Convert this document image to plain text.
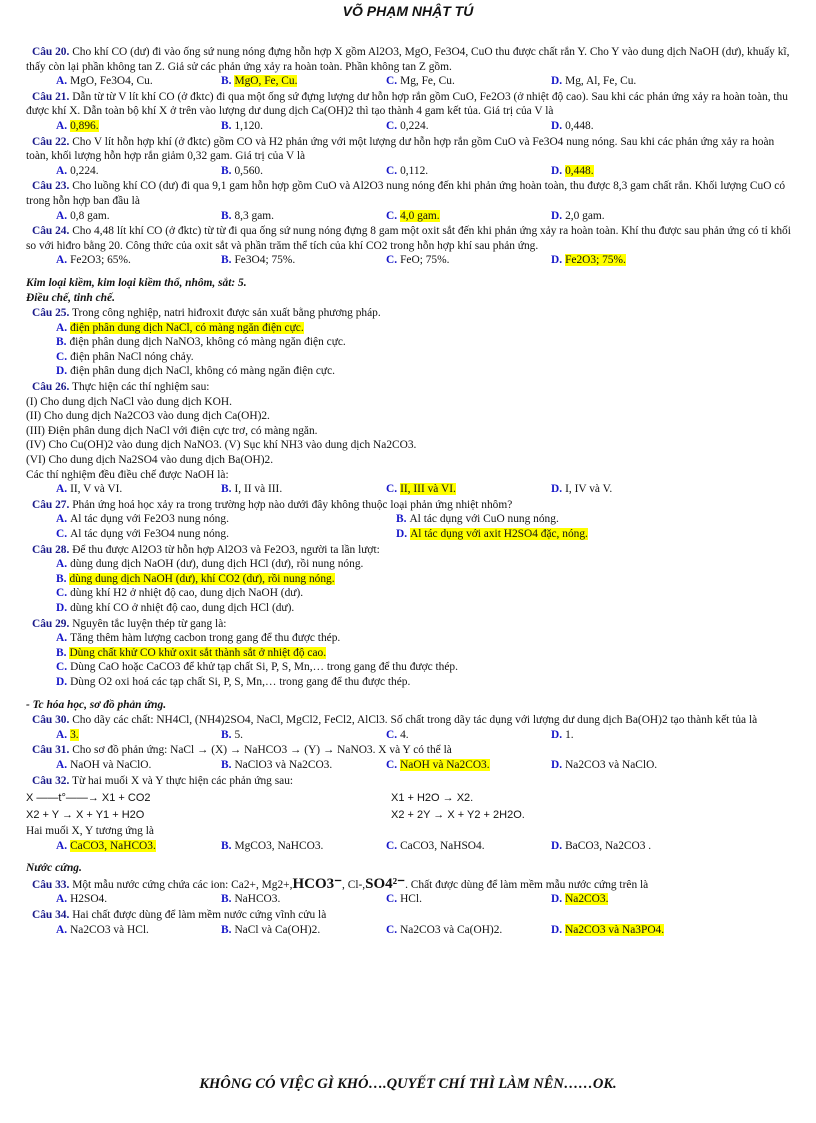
VÕ PHẠM NHẬT TÚ
Câu 20. Cho khí CO (dư) đi vào ống sứ nung nóng đựng hỗn hợp X gồm Al2O3, MgO, Fe3O4, CuO thu được chất rắn Y. Cho Y vào dung dịch NaOH (dư), khuấy kĩ, thấy còn lại phần không tan Z. Giả sử các phản ứng xảy ra hoàn toàn. Phần không tan Z gồm.
A. MgO, Fe3O4, Cu.	B. MgO, Fe, Cu.	C. Mg, Fe, Cu.	D. Mg, Al, Fe, Cu.
Câu 21. Dẫn từ từ V lít khí CO (ở đktc) đi qua một ống sứ đựng lượng dư hỗn hợp rắn gồm CuO, Fe2O3 (ở nhiệt độ cao). Sau khi các phản ứng xảy ra hoàn toàn, thu được khí X. Dẫn toàn bộ khí X ở trên vào lượng dư dung dịch Ca(OH)2 thì tạo thành 4 gam kết tủa. Giá trị của V là
A. 0,896.	B. 1,120.	C. 0,224.	D. 0,448.
Câu 22. Cho V lít hỗn hợp khí (ở đktc) gồm CO và H2 phản ứng với một lượng dư hỗn hợp rắn gồm CuO và Fe3O4 nung nóng. Sau khi các phản ứng xảy ra hoàn toàn, khối lượng hỗn hợp rắn giảm 0,32 gam. Giá trị của V là
A. 0,224.	B. 0,560.	C. 0,112.	D. 0,448.
Câu 23. Cho luồng khí CO (dư) đi qua 9,1 gam hỗn hợp gồm CuO và Al2O3 nung nóng đến khi phản ứng hoàn toàn, thu được 8,3 gam chất rắn. Khối lượng CuO có trong hỗn hợp ban đầu là
A. 0,8 gam.	B. 8,3 gam.	C. 4,0 gam.	D. 2,0 gam.
Câu 24. Cho 4,48 lít khí CO (ở đktc) từ từ đi qua ống sứ nung nóng đựng 8 gam một oxit sắt đến khi phản ứng xảy ra hoàn toàn. Khí thu được sau phản ứng có tỉ khối so với hiđro bằng 20. Công thức của oxit sắt và phần trăm thể tích của khí CO2 trong hỗn hợp khí sau phản ứng.
A. Fe2O3; 65%.	B. Fe3O4; 75%.	C. FeO; 75%.	D. Fe2O3; 75%.
Kim loại kiềm, kim loại kiềm thổ, nhôm, sắt: 5.
Điều chế, tinh chế.
Câu 25. Trong công nghiệp, natri hiđroxit được sản xuất bằng phương pháp.
A. điện phân dung dịch NaCl, có màng ngăn điện cực.
B. điện phân dung dịch NaNO3, không có màng ngăn điện cực.
C. điện phân NaCl nóng chảy.
D. điện phân dung dịch NaCl, không có màng ngăn điện cực.
Câu 26. Thực hiện các thí nghiệm sau:
(I) Cho dung dịch NaCl vào dung dịch KOH.
(II) Cho dung dịch Na2CO3 vào dung dịch Ca(OH)2.
(III) Điện phân dung dịch NaCl với điện cực trơ, có màng ngăn.
(IV) Cho Cu(OH)2 vào dung dịch NaNO3. (V) Sục khí NH3 vào dung dịch Na2CO3.
(VI) Cho dung dịch Na2SO4 vào dung dịch Ba(OH)2.
Các thí nghiệm đều điều chế được NaOH là:
A. II, V và VI.	B. I, II và III.	C. II, III và VI.	D. I, IV và V.
Câu 27. Phản ứng hoá học xảy ra trong trường hợp nào dưới đây không thuộc loại phản ứng nhiệt nhôm?
A. Al tác dụng với Fe2O3 nung nóng.	B. Al tác dụng với CuO nung nóng.
C. Al tác dụng với Fe3O4 nung nóng.	D. Al tác dụng với axit H2SO4 đặc, nóng.
Câu 28. Để thu được Al2O3 từ hỗn hợp Al2O3 và Fe2O3, người ta lần lượt:
A. dùng dung dịch NaOH (dư), dung dịch HCl (dư), rồi nung nóng.
B. dùng dung dịch NaOH (dư), khí CO2 (dư), rồi nung nóng.
C. dùng khí H2 ở nhiệt độ cao, dung dịch NaOH (dư).
D. dùng khí CO ở nhiệt độ cao, dung dịch HCl (dư).
Câu 29. Nguyên tắc luyện thép từ gang là:
A. Tăng thêm hàm lượng cacbon trong gang để thu được thép.
B. Dùng chất khử CO khử oxit sắt thành sắt ở nhiệt độ cao.
C. Dùng CaO hoặc CaCO3 để khử tạp chất Si, P, S, Mn,… trong gang để thu được thép.
D. Dùng O2 oxi hoá các tạp chất Si, P, S, Mn,… trong gang để thu được thép.
- Tc hóa học, sơ đồ phản ứng.
Câu 30. Cho dãy các chất: NH4Cl, (NH4)2SO4, NaCl, MgCl2, FeCl2, AlCl3. Số chất trong dãy tác dụng với lượng dư dung dịch Ba(OH)2 tạo thành kết tủa là
A. 3.	B. 5.	C. 4.	D. 1.
Câu 31. Cho sơ đồ phản ứng: NaCl → (X) → NaHCO3 → (Y) → NaNO3. X và Y có thể là
A. NaOH và NaClO.	B. NaClO3 và Na2CO3.	C. NaOH và Na2CO3.	D. Na2CO3 và NaClO.
Câu 32. Từ hai muối X và Y thực hiện các phản ứng sau:
X ——t°——→ X1 + CO2	X1 + H2O → X2.
X2 + Y → X + Y1 + H2O	X2 + 2Y → X + Y2 + 2H2O.
Hai muối X, Y tương ứng là
A. CaCO3, NaHCO3.	B. MgCO3, NaHCO3.	C. CaCO3, NaHSO4.	D. BaCO3, Na2CO3 .
Nước cứng.
Câu 33. Một mẫu nước cứng chứa các ion: Ca2+, Mg2+,HCO3⁻, Cl-,SO4²⁻. Chất được dùng để làm mềm mẫu nước cứng trên là
A. H2SO4.	B. NaHCO3.	C. HCl.	D. Na2CO3.
Câu 34. Hai chất được dùng để làm mềm nước cứng vĩnh cửu là
A. Na2CO3 và HCl.	B. NaCl và Ca(OH)2.	C. Na2CO3 và Ca(OH)2.	D. Na2CO3 và Na3PO4.
KHÔNG CÓ VIỆC GÌ KHÓ….QUYẾT CHÍ THÌ LÀM NÊN……OK.
